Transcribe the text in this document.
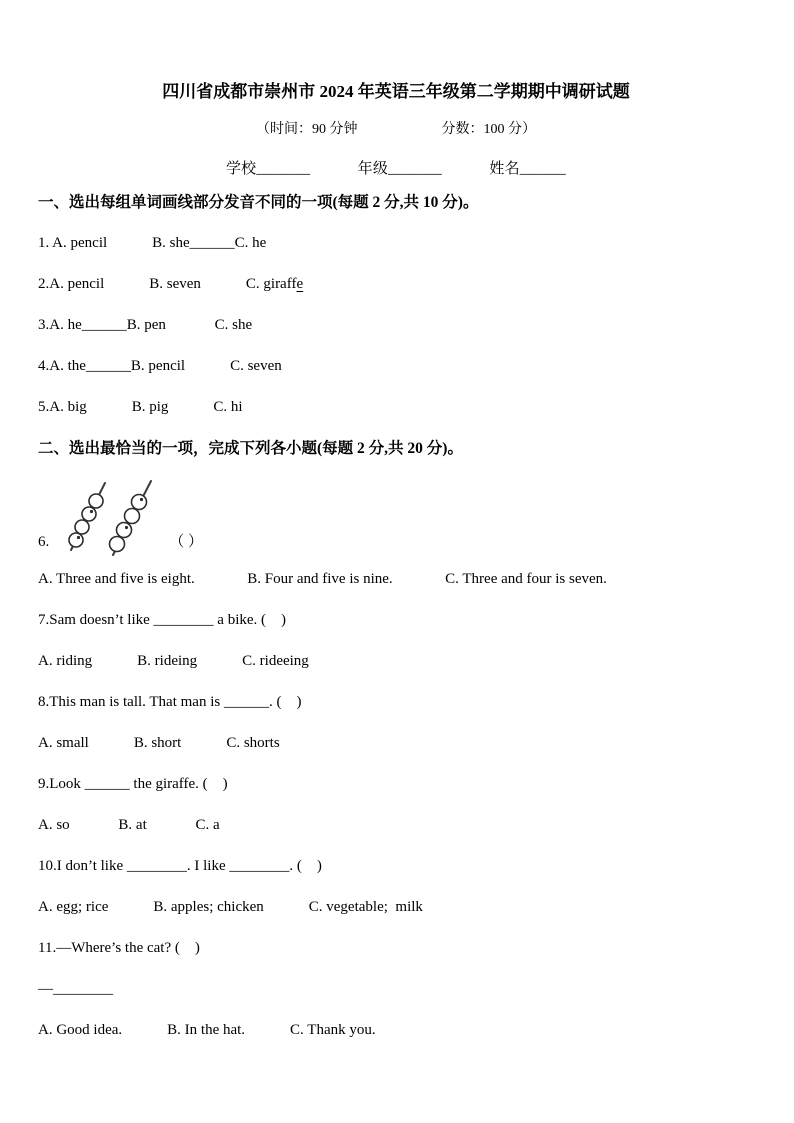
四川省成都市崇州市 2024 年英语三年级第二学期期中调研试题
（时间：90 分钟                        分数：100 分）
学校_______            年级_______            姓名______
一、选出每组单词画线部分发音不同的一项(每题 2 分,共 10 分)。
1. A. pencil            B. she______C. he
2.A. pencil            B. seven            C. giraffe
3.A. he______B. pen             C. she
4.A. the______B. pencil            C. seven
5.A. big            B. pig            C. hi
二、选出最恰当的一项，完成下列各小题(每题 2 分,共 20 分)。
6.	（ ）
A. Three and five is eight.              B. Four and five is nine.              C. Three and four is seven.
7.Sam doesn’t like ________ a bike. (    )
A. riding            B. rideing            C. rideeing
8.This man is tall. That man is ______. (    )
A. small            B. short            C. shorts
9.Look ______ the giraffe. (    )
A. so             B. at             C. a
10.I don’t like ________. I like ________. (    )
A. egg; rice            B. apples; chicken            C. vegetable;  milk
11.—Where’s the cat? (    )
—________
A. Good idea.            B. In the hat.            C. Thank you.
